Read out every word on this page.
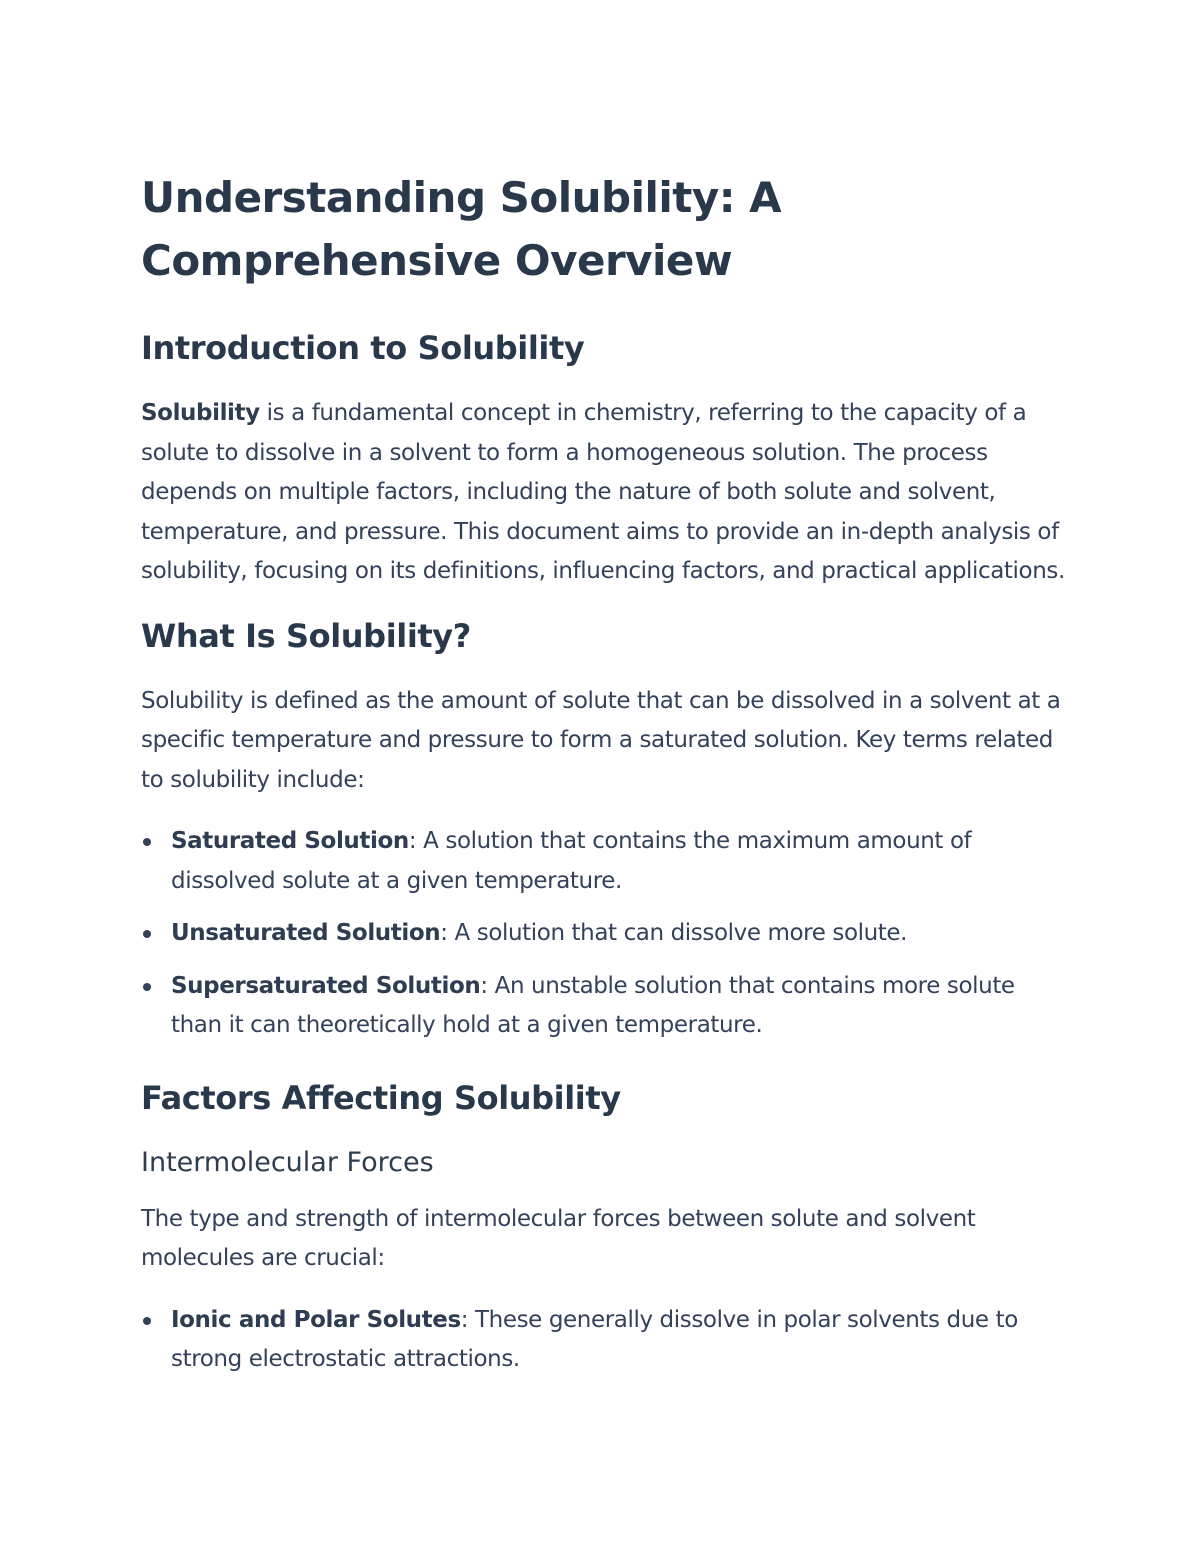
Understanding Solubility: A Comprehensive Overview
Introduction to Solubility

Solubility is a fundamental concept in chemistry, referring to the capacity of a solute to dissolve in a solvent to form a homogeneous solution. The process depends on multiple factors, including the nature of both solute and solvent, temperature, and pressure. This document aims to provide an in-depth analysis of solubility, focusing on its definitions, influencing factors, and practical applications.

What Is Solubility?

Solubility is defined as the amount of solute that can be dissolved in a solvent at a specific temperature and pressure to form a saturated solution. Key terms related to solubility include:

Saturated Solution: A solution that contains the maximum amount of dissolved solute at a given temperature.
Unsaturated Solution: A solution that can dissolve more solute.
Supersaturated Solution: An unstable solution that contains more solute than it can theoretically hold at a given temperature.
Factors Affecting Solubility
Intermolecular Forces

The type and strength of intermolecular forces between solute and solvent molecules are crucial:

Ionic and Polar Solutes: These generally dissolve in polar solvents due to strong electrostatic attractions.
